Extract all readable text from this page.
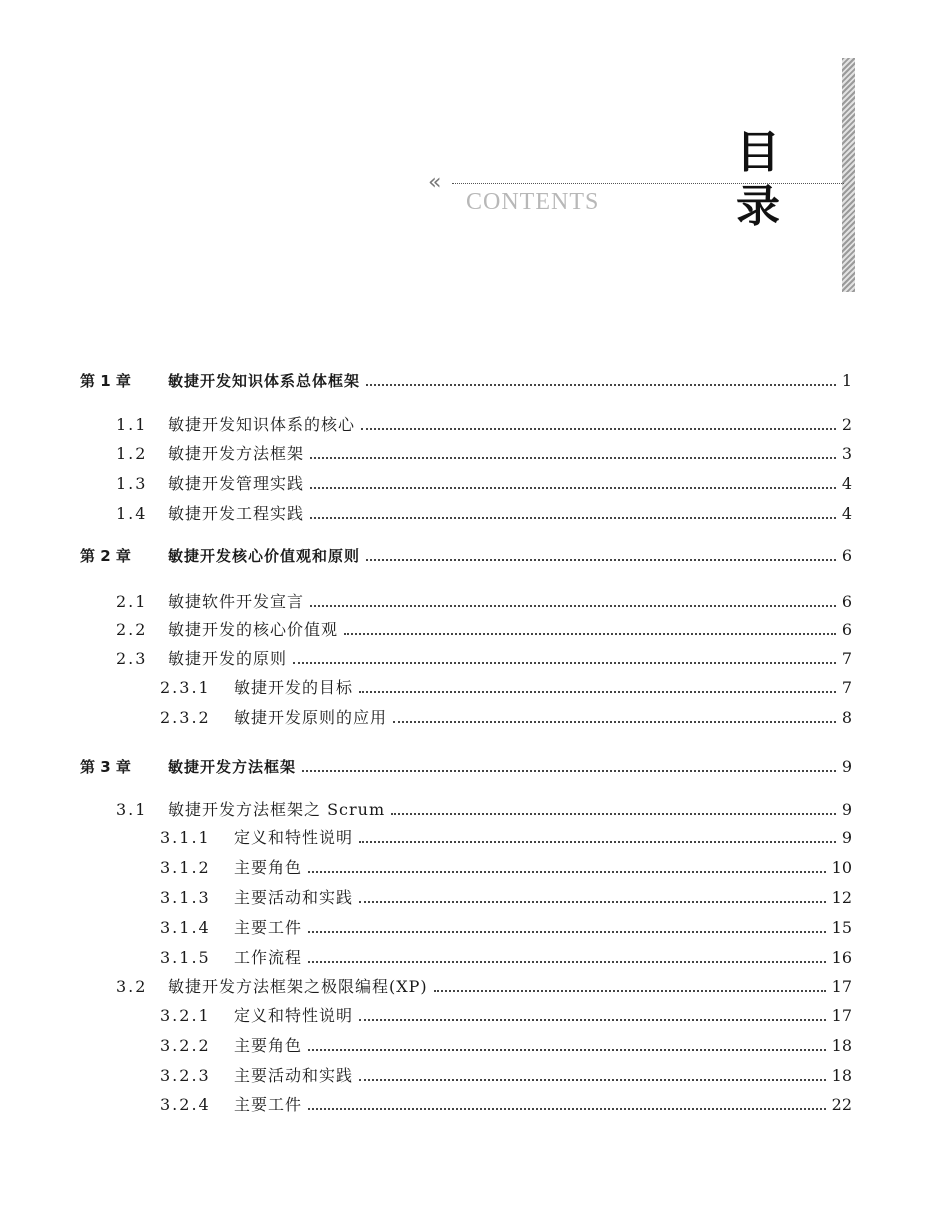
目 录
«
CONTENTS
第 1 章 敏捷开发知识体系总体框架	1
1.1 敏捷开发知识体系的核心	2
1.2 敏捷开发方法框架	3
1.3 敏捷开发管理实践	4
1.4 敏捷开发工程实践	4
第 2 章 敏捷开发核心价值观和原则	6
2.1 敏捷软件开发宣言	6
2.2 敏捷开发的核心价值观	6
2.3 敏捷开发的原则	7
2.3.1 敏捷开发的目标	7
2.3.2 敏捷开发原则的应用	8
第 3 章 敏捷开发方法框架	9
3.1 敏捷开发方法框架之 Scrum	9
3.1.1 定义和特性说明	9
3.1.2 主要角色	10
3.1.3 主要活动和实践	12
3.1.4 主要工件	15
3.1.5 工作流程	16
3.2 敏捷开发方法框架之极限编程(XP)	17
3.2.1 定义和特性说明	17
3.2.2 主要角色	18
3.2.3 主要活动和实践	18
3.2.4 主要工件	22
